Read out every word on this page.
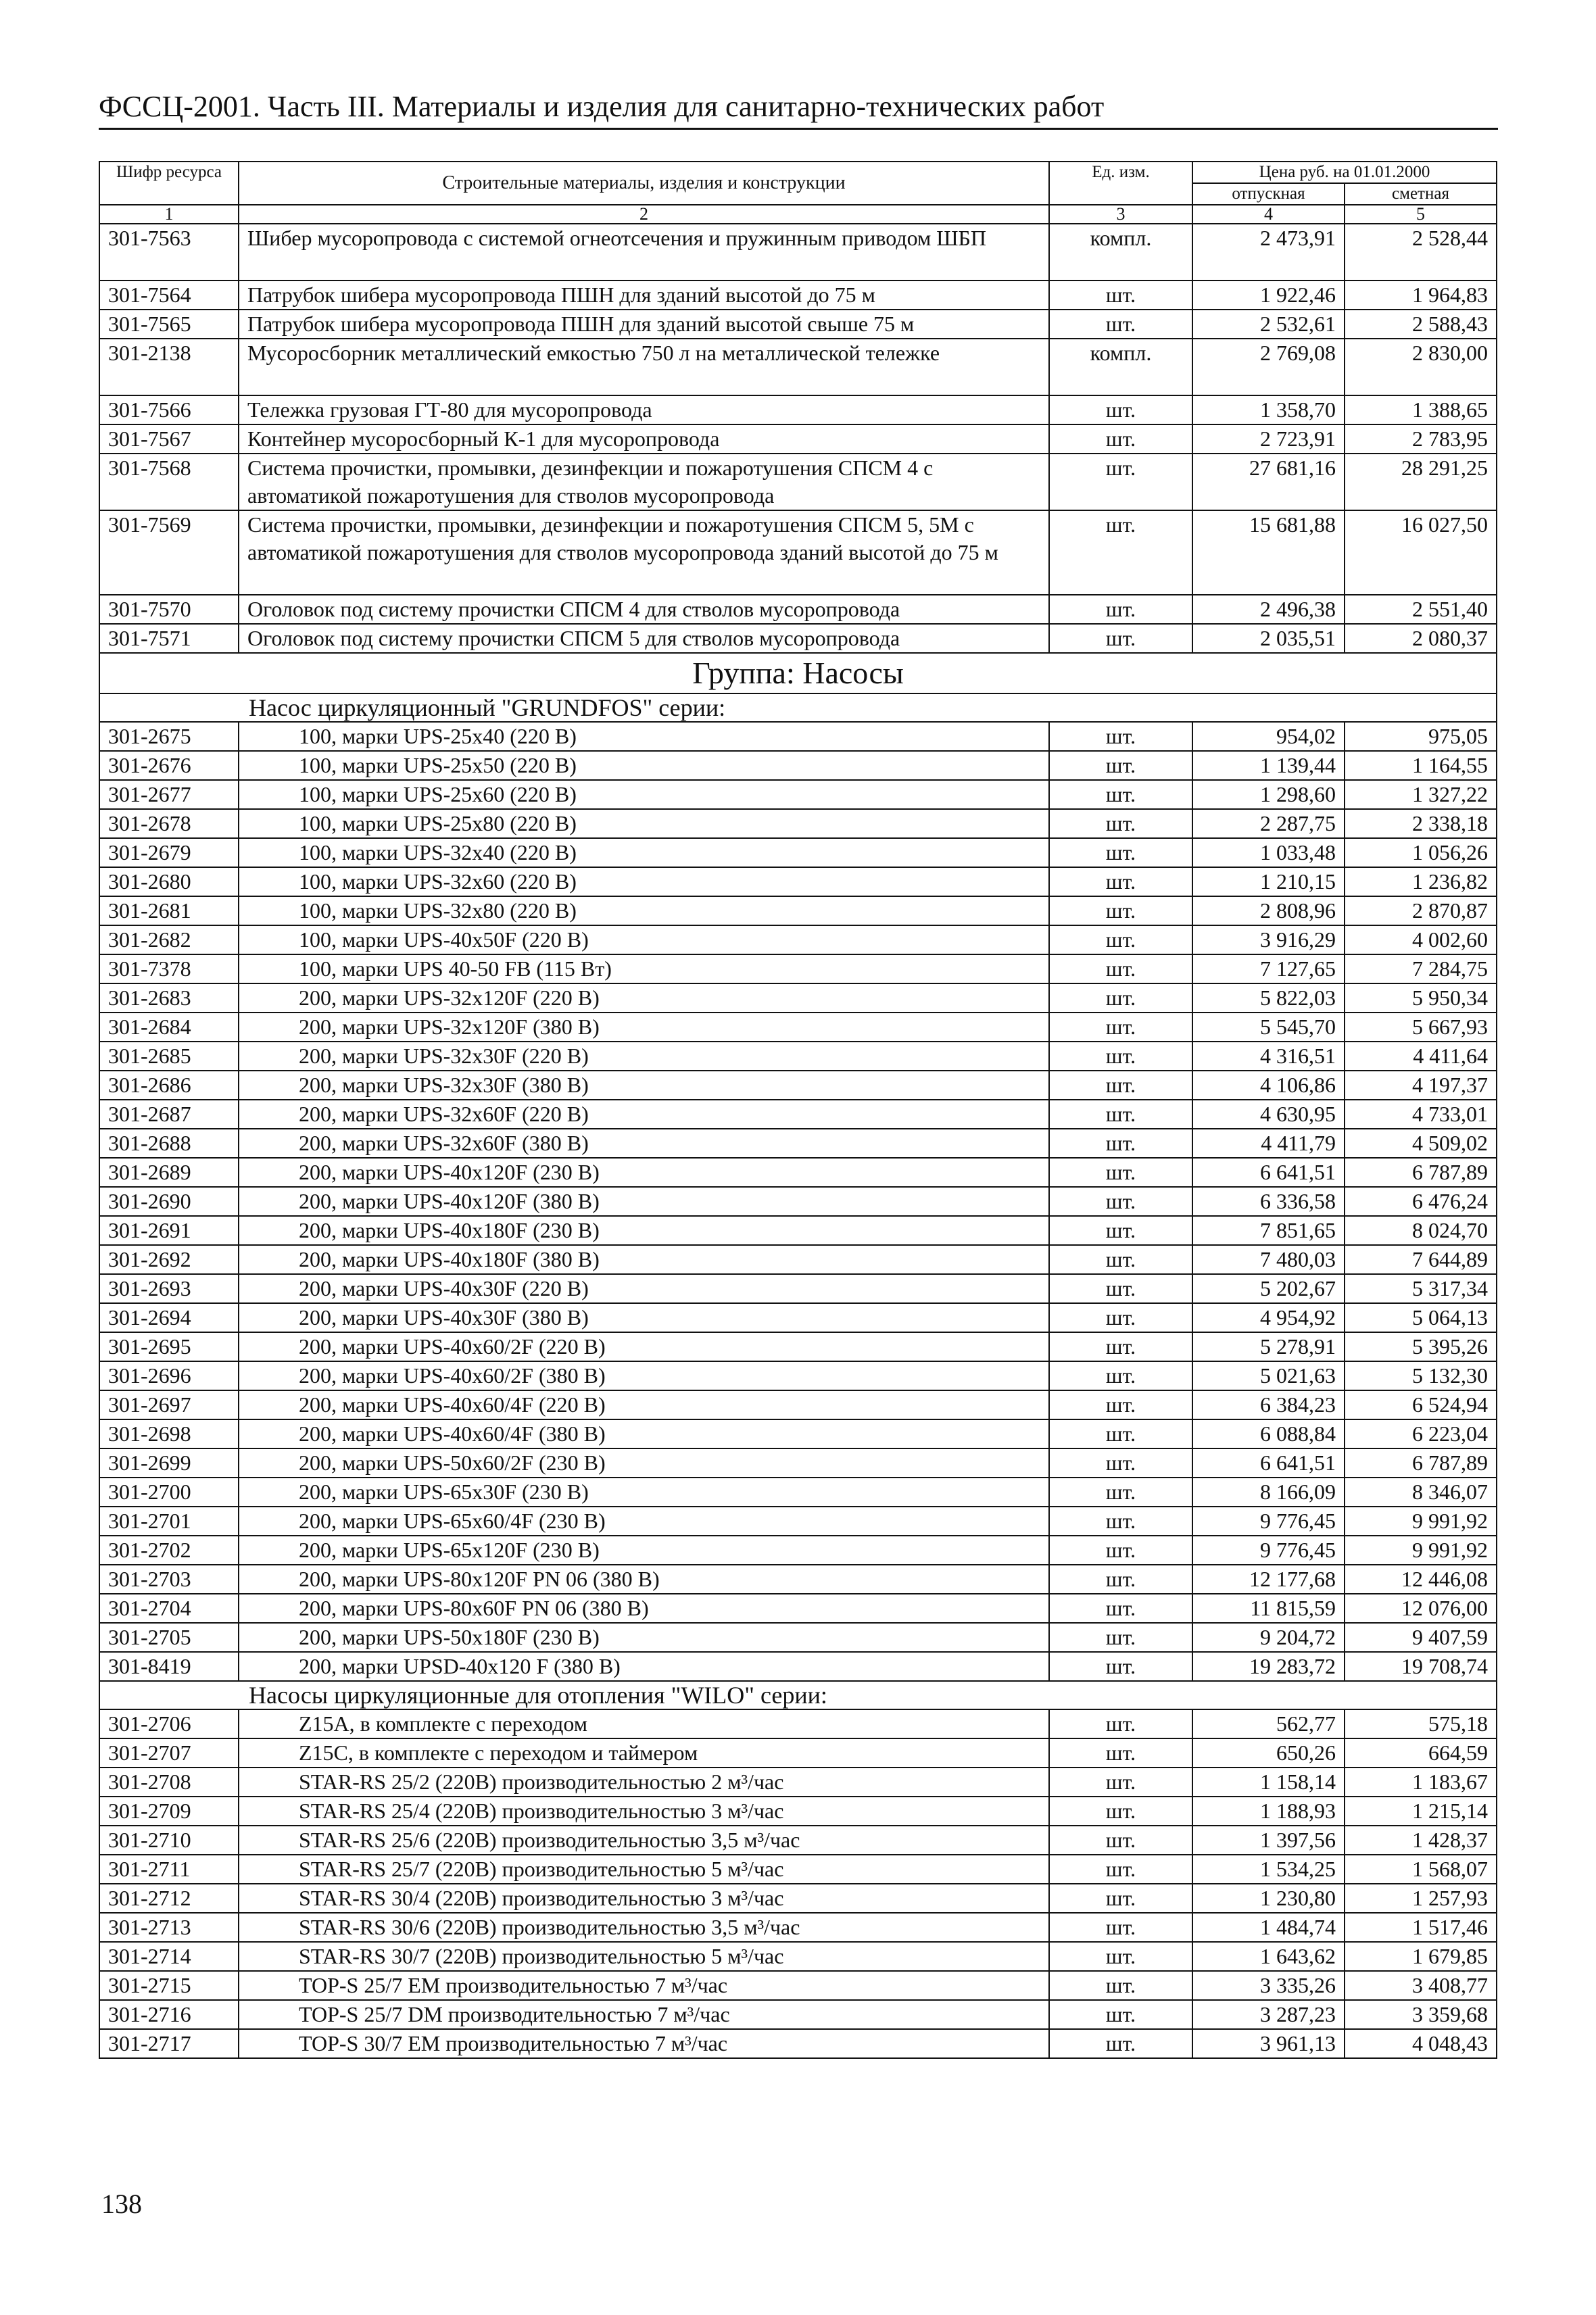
ФССЦ-2001. Часть III. Материалы и изделия для санитарно-технических работ
Шифр ресурса	Строительные материалы, изделия и конструкции	Ед. изм.	Цена руб. на 01.01.2000	
			отпускная	сметная
1	2	3	4	5
301-7563	Шибер мусоропровода с системой огнеотсечения и пружинным приводом ШБП	компл.	2 473,91	2 528,44
301-7564	Патрубок шибера мусоропровода ПШН для зданий высотой до 75 м	шт.	1 922,46	1 964,83
301-7565	Патрубок шибера мусоропровода ПШН для зданий высотой свыше 75 м	шт.	2 532,61	2 588,43
301-2138	Мусоросборник металлический емкостью 750 л на металлической тележке	компл.	2 769,08	2 830,00
301-7566	Тележка грузовая ГТ-80 для мусоропровода	шт.	1 358,70	1 388,65
301-7567	Контейнер мусоросборный К-1 для мусоропровода	шт.	2 723,91	2 783,95
301-7568	Система прочистки, промывки, дезинфекции и пожаротушения СПСМ 4 с автоматикой пожаротушения для стволов мусоропровода	шт.	27 681,16	28 291,25
301-7569	Система прочистки, промывки, дезинфекции и пожаротушения СПСМ 5, 5М с автоматикой пожаротушения для стволов мусоропровода зданий высотой до 75 м	шт.	15 681,88	16 027,50
301-7570	Оголовок под систему прочистки СПСМ 4 для стволов мусоропровода	шт.	2 496,38	2 551,40
301-7571	Оголовок под систему прочистки СПСМ 5 для стволов мусоропровода	шт.	2 035,51	2 080,37
Группа: Насосы				
Насос циркуляционный "GRUNDFOS" серии:				
301-2675	100, марки UPS-25x40 (220 В)	шт.	954,02	975,05
301-2676	100, марки UPS-25x50 (220 В)	шт.	1 139,44	1 164,55
301-2677	100, марки UPS-25x60 (220 В)	шт.	1 298,60	1 327,22
301-2678	100, марки UPS-25x80 (220 В)	шт.	2 287,75	2 338,18
301-2679	100, марки UPS-32x40 (220 В)	шт.	1 033,48	1 056,26
301-2680	100, марки UPS-32x60 (220 В)	шт.	1 210,15	1 236,82
301-2681	100, марки UPS-32x80 (220 В)	шт.	2 808,96	2 870,87
301-2682	100, марки UPS-40x50F (220 В)	шт.	3 916,29	4 002,60
301-7378	100, марки UPS 40-50 FB (115 Вт)	шт.	7 127,65	7 284,75
301-2683	200, марки UPS-32x120F (220 В)	шт.	5 822,03	5 950,34
301-2684	200, марки UPS-32x120F (380 В)	шт.	5 545,70	5 667,93
301-2685	200, марки UPS-32x30F (220 В)	шт.	4 316,51	4 411,64
301-2686	200, марки UPS-32x30F (380 В)	шт.	4 106,86	4 197,37
301-2687	200, марки UPS-32x60F (220 В)	шт.	4 630,95	4 733,01
301-2688	200, марки UPS-32x60F (380 В)	шт.	4 411,79	4 509,02
301-2689	200, марки UPS-40x120F (230 В)	шт.	6 641,51	6 787,89
301-2690	200, марки UPS-40x120F (380 В)	шт.	6 336,58	6 476,24
301-2691	200, марки UPS-40x180F (230 В)	шт.	7 851,65	8 024,70
301-2692	200, марки UPS-40x180F (380 В)	шт.	7 480,03	7 644,89
301-2693	200, марки UPS-40x30F (220 В)	шт.	5 202,67	5 317,34
301-2694	200, марки UPS-40x30F (380 В)	шт.	4 954,92	5 064,13
301-2695	200, марки UPS-40x60/2F (220 В)	шт.	5 278,91	5 395,26
301-2696	200, марки UPS-40x60/2F (380 В)	шт.	5 021,63	5 132,30
301-2697	200, марки UPS-40x60/4F (220 В)	шт.	6 384,23	6 524,94
301-2698	200, марки UPS-40x60/4F (380 В)	шт.	6 088,84	6 223,04
301-2699	200, марки UPS-50x60/2F (230 В)	шт.	6 641,51	6 787,89
301-2700	200, марки UPS-65x30F (230 В)	шт.	8 166,09	8 346,07
301-2701	200, марки UPS-65x60/4F (230 В)	шт.	9 776,45	9 991,92
301-2702	200, марки UPS-65x120F (230 В)	шт.	9 776,45	9 991,92
301-2703	200, марки UPS-80x120F PN 06 (380 В)	шт.	12 177,68	12 446,08
301-2704	200, марки UPS-80x60F PN 06 (380 В)	шт.	11 815,59	12 076,00
301-2705	200, марки UPS-50x180F (230 В)	шт.	9 204,72	9 407,59
301-8419	200, марки UPSD-40x120 F (380 В)	шт.	19 283,72	19 708,74
Насосы циркуляционные для отопления "WILO" серии:				
301-2706	Z15A, в комплекте с переходом	шт.	562,77	575,18
301-2707	Z15C, в комплекте с переходом и таймером	шт.	650,26	664,59
301-2708	STAR-RS 25/2 (220В) производительностью 2 м³/час	шт.	1 158,14	1 183,67
301-2709	STAR-RS 25/4 (220В) производительностью 3 м³/час	шт.	1 188,93	1 215,14
301-2710	STAR-RS 25/6 (220В) производительностью 3,5 м³/час	шт.	1 397,56	1 428,37
301-2711	STAR-RS 25/7 (220В) производительностью 5 м³/час	шт.	1 534,25	1 568,07
301-2712	STAR-RS 30/4 (220В) производительностью 3 м³/час	шт.	1 230,80	1 257,93
301-2713	STAR-RS 30/6 (220В) производительностью 3,5 м³/час	шт.	1 484,74	1 517,46
301-2714	STAR-RS 30/7 (220В) производительностью 5 м³/час	шт.	1 643,62	1 679,85
301-2715	TOP-S 25/7 EM производительностью 7 м³/час	шт.	3 335,26	3 408,77
301-2716	TOP-S 25/7 DM производительностью 7 м³/час	шт.	3 287,23	3 359,68
301-2717	TOP-S 30/7 EM производительностью 7 м³/час	шт.	3 961,13	4 048,43
138
